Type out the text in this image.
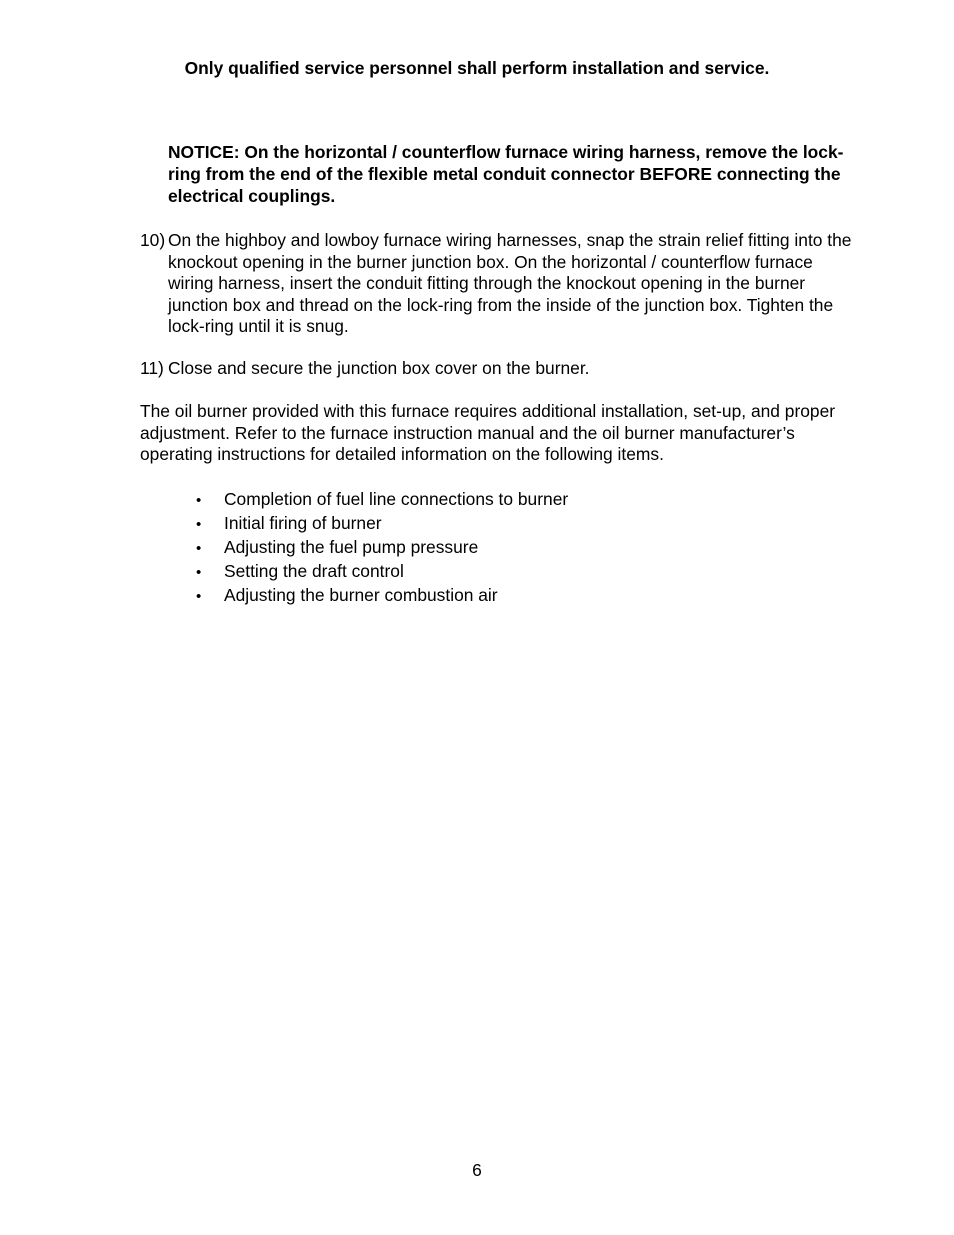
Only qualified service personnel shall perform installation and service.
NOTICE: On the horizontal / counterflow furnace wiring harness, remove the lock-ring from the end of the flexible metal conduit connector BEFORE connecting the electrical couplings.
10) On the highboy and lowboy furnace wiring harnesses, snap the strain relief fitting into the knockout opening in the burner junction box. On the horizontal / counterflow furnace wiring harness, insert the conduit fitting through the knockout opening in the burner junction box and thread on the lock-ring from the inside of the junction box. Tighten the lock-ring until it is snug.
11) Close and secure the junction box cover on the burner.
The oil burner provided with this furnace requires additional installation, set-up, and proper adjustment. Refer to the furnace instruction manual and the oil burner manufacturer’s operating instructions for detailed information on the following items.
•	Completion of fuel line connections to burner
•	Initial firing of burner
•	Adjusting the fuel pump pressure
•	Setting the draft control
•	Adjusting the burner combustion air
6
